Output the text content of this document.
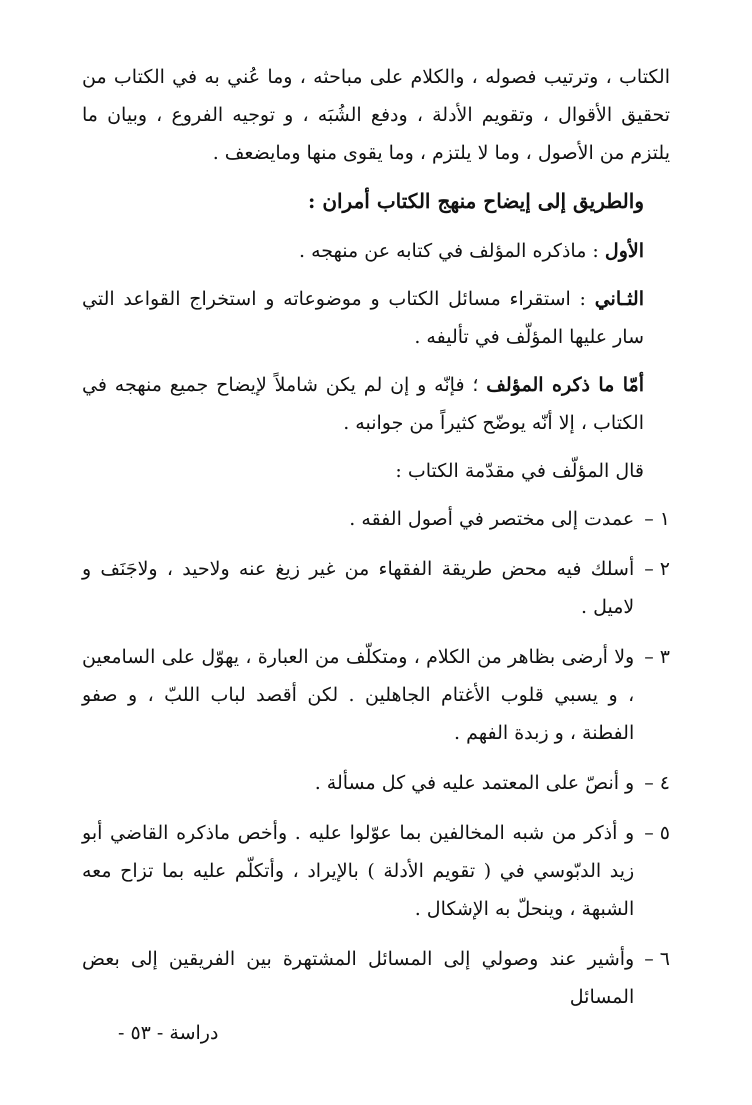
الكتاب ، وترتيب فصوله ، والكلام على مباحثه ، وما عُني به في الكتاب من تحقيق الأقوال ، وتقويم الأدلة ، ودفع الشُبَه ، و توجيه الفروع ، وبيان ما يلتزم من الأصول ، وما لا يلتزم ، وما يقوى منها ومايضعف .

والطريق إلى إيضاح منهج الكتاب أمران :

الأول : ماذكره المؤلف في كتابه عن منهجه .

الثـاني : استقراء مسائل الكتاب و موضوعاته و استخراج القواعد التي سار عليها المؤلّف في تأليفه .

أمّا ما ذكره المؤلف ؛ فإنّه و إن لم يكن شاملاً لإيضاح جميع منهجه في الكتاب ، إلا أنّه يوضّح كثيراً من جوانبه .

قال المؤلّف في مقدّمة الكتاب :

١ –
عمدت إلى مختصر في أصول الفقه .
٢ –
أسلك فيه محض طريقة الفقهاء من غير زيغ عنه ولاحيد ، ولاجَنَف و لاميل .
٣ –
ولا أرضى بظاهر من الكلام ، ومتكلّف من العبارة ، يهوّل على السامعين ، و يسبي قلوب الأغتام الجاهلين . لكن أقصد لباب اللبّ ، و صفو الفطنة ، و زبدة الفهم .
٤ –
و أنصّ على المعتمد عليه في كل مسألة .
٥ –
و أذكر من شبه المخالفين بما عوّلوا عليه . وأخص ماذكره القاضي أبو زيد الدبّوسي في ( تقويم الأدلة ) بالإيراد ، وأتكلّم عليه بما تزاح معه الشبهة ، وينحلّ به الإشكال .
٦ –
وأشير عند وصولي إلى المسائل المشتهرة بين الفريقين إلى بعض المسائل
دراسة - ٥٣ -
